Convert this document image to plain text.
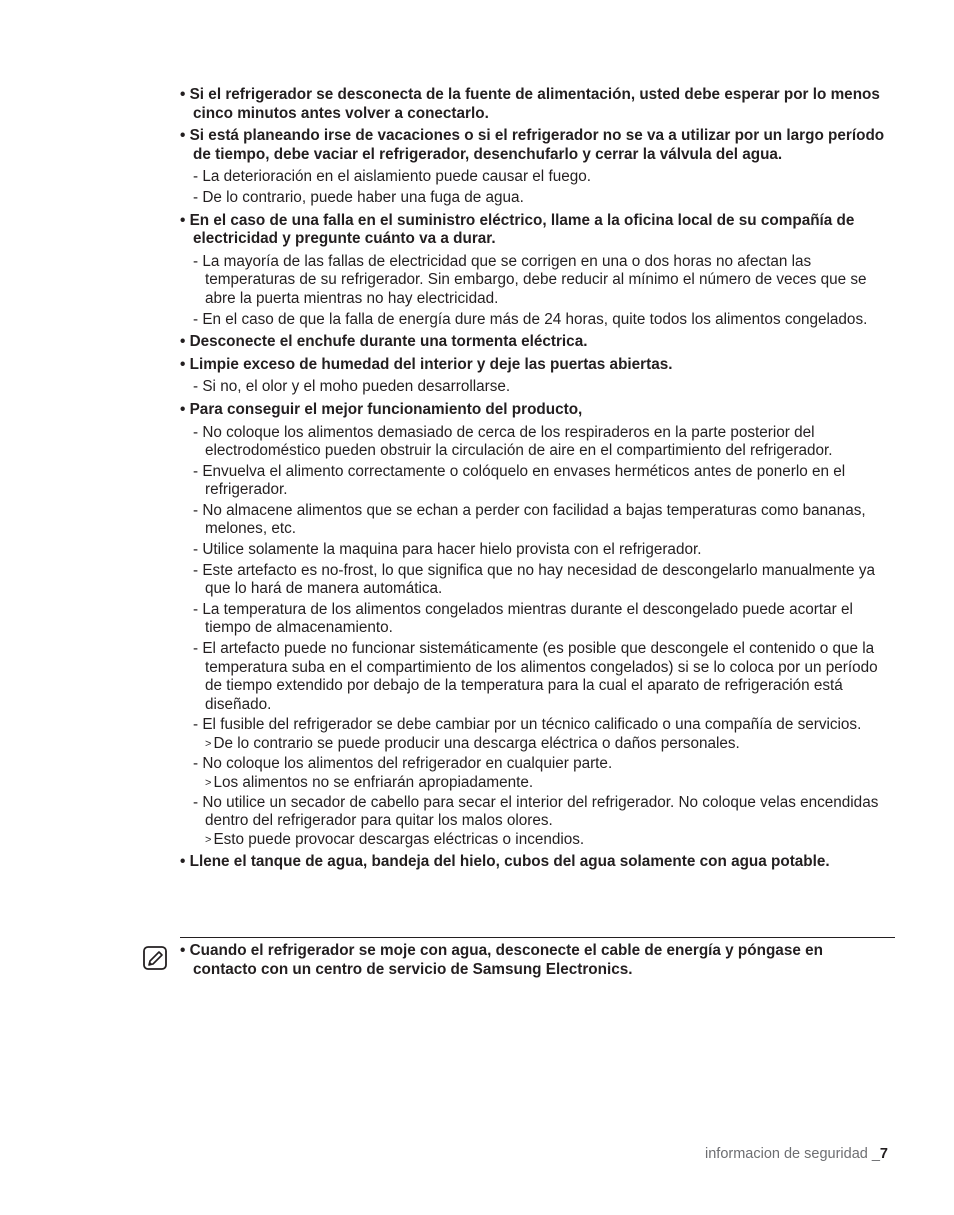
• Si el refrigerador se desconecta de la fuente de alimentación, usted debe esperar por lo menos cinco minutos antes volver a conectarlo.
• Si está planeando irse de vacaciones o si el refrigerador no se va a utilizar por un largo período de tiempo, debe vaciar el refrigerador, desenchufarlo y cerrar la válvula del agua.
- La deterioración en el aislamiento puede causar el fuego.
- De lo contrario, puede haber una fuga de agua.
• En el caso de una falla en el suministro eléctrico, llame a la oficina local de su compañía de electricidad y pregunte cuánto va a durar.
- La mayoría de las fallas de electricidad que se corrigen en una o dos horas no afectan las temperaturas de su refrigerador. Sin embargo, debe reducir al mínimo el número de veces que se abre la puerta mientras no hay electricidad.
- En el caso de que la falla de energía dure más de 24 horas, quite todos los alimentos congelados.
• Desconecte el enchufe durante una tormenta eléctrica.
• Limpie exceso de humedad del interior y deje las puertas abiertas.
- Si no, el olor y el moho pueden desarrollarse.
• Para conseguir el mejor funcionamiento del producto,
- No coloque los alimentos demasiado de cerca de los respiraderos en la parte posterior del electrodoméstico pueden obstruir la circulación de aire en el compartimiento del refrigerador.
- Envuelva el alimento correctamente o colóquelo en envases herméticos antes de ponerlo en el refrigerador.
- No almacene alimentos que se echan a perder con facilidad a bajas temperaturas como bananas, melones, etc.
- Utilice solamente la maquina para hacer hielo provista con el refrigerador.
- Este artefacto es no-frost, lo que significa que no hay necesidad de descongelarlo manualmente ya que lo hará de manera automática.
- La temperatura de los alimentos congelados mientras durante el descongelado puede acortar el tiempo de almacenamiento.
- El artefacto puede no funcionar sistemáticamente (es posible que descongele el contenido o que la temperatura suba en el compartimiento de los alimentos congelados) si se lo coloca por un período de tiempo extendido por debajo de la temperatura para la cual el aparato de refrigeración está diseñado.
- El fusible del refrigerador se debe cambiar por un técnico calificado o una compañía de servicios.
> De lo contrario se puede producir una descarga eléctrica o daños personales.
- No coloque los alimentos del refrigerador en cualquier parte.
> Los alimentos no se enfriarán apropiadamente.
- No utilice un secador de cabello para secar el interior del refrigerador. No coloque velas encendidas dentro del refrigerador para quitar los malos olores.
> Esto puede provocar descargas eléctricas o incendios.
• Llene el tanque de agua, bandeja del hielo, cubos del agua solamente con agua potable.
• Cuando el refrigerador se moje con agua, desconecte el cable de energía y póngase en contacto con un centro de servicio de Samsung Electronics.
informacion de seguridad _7
